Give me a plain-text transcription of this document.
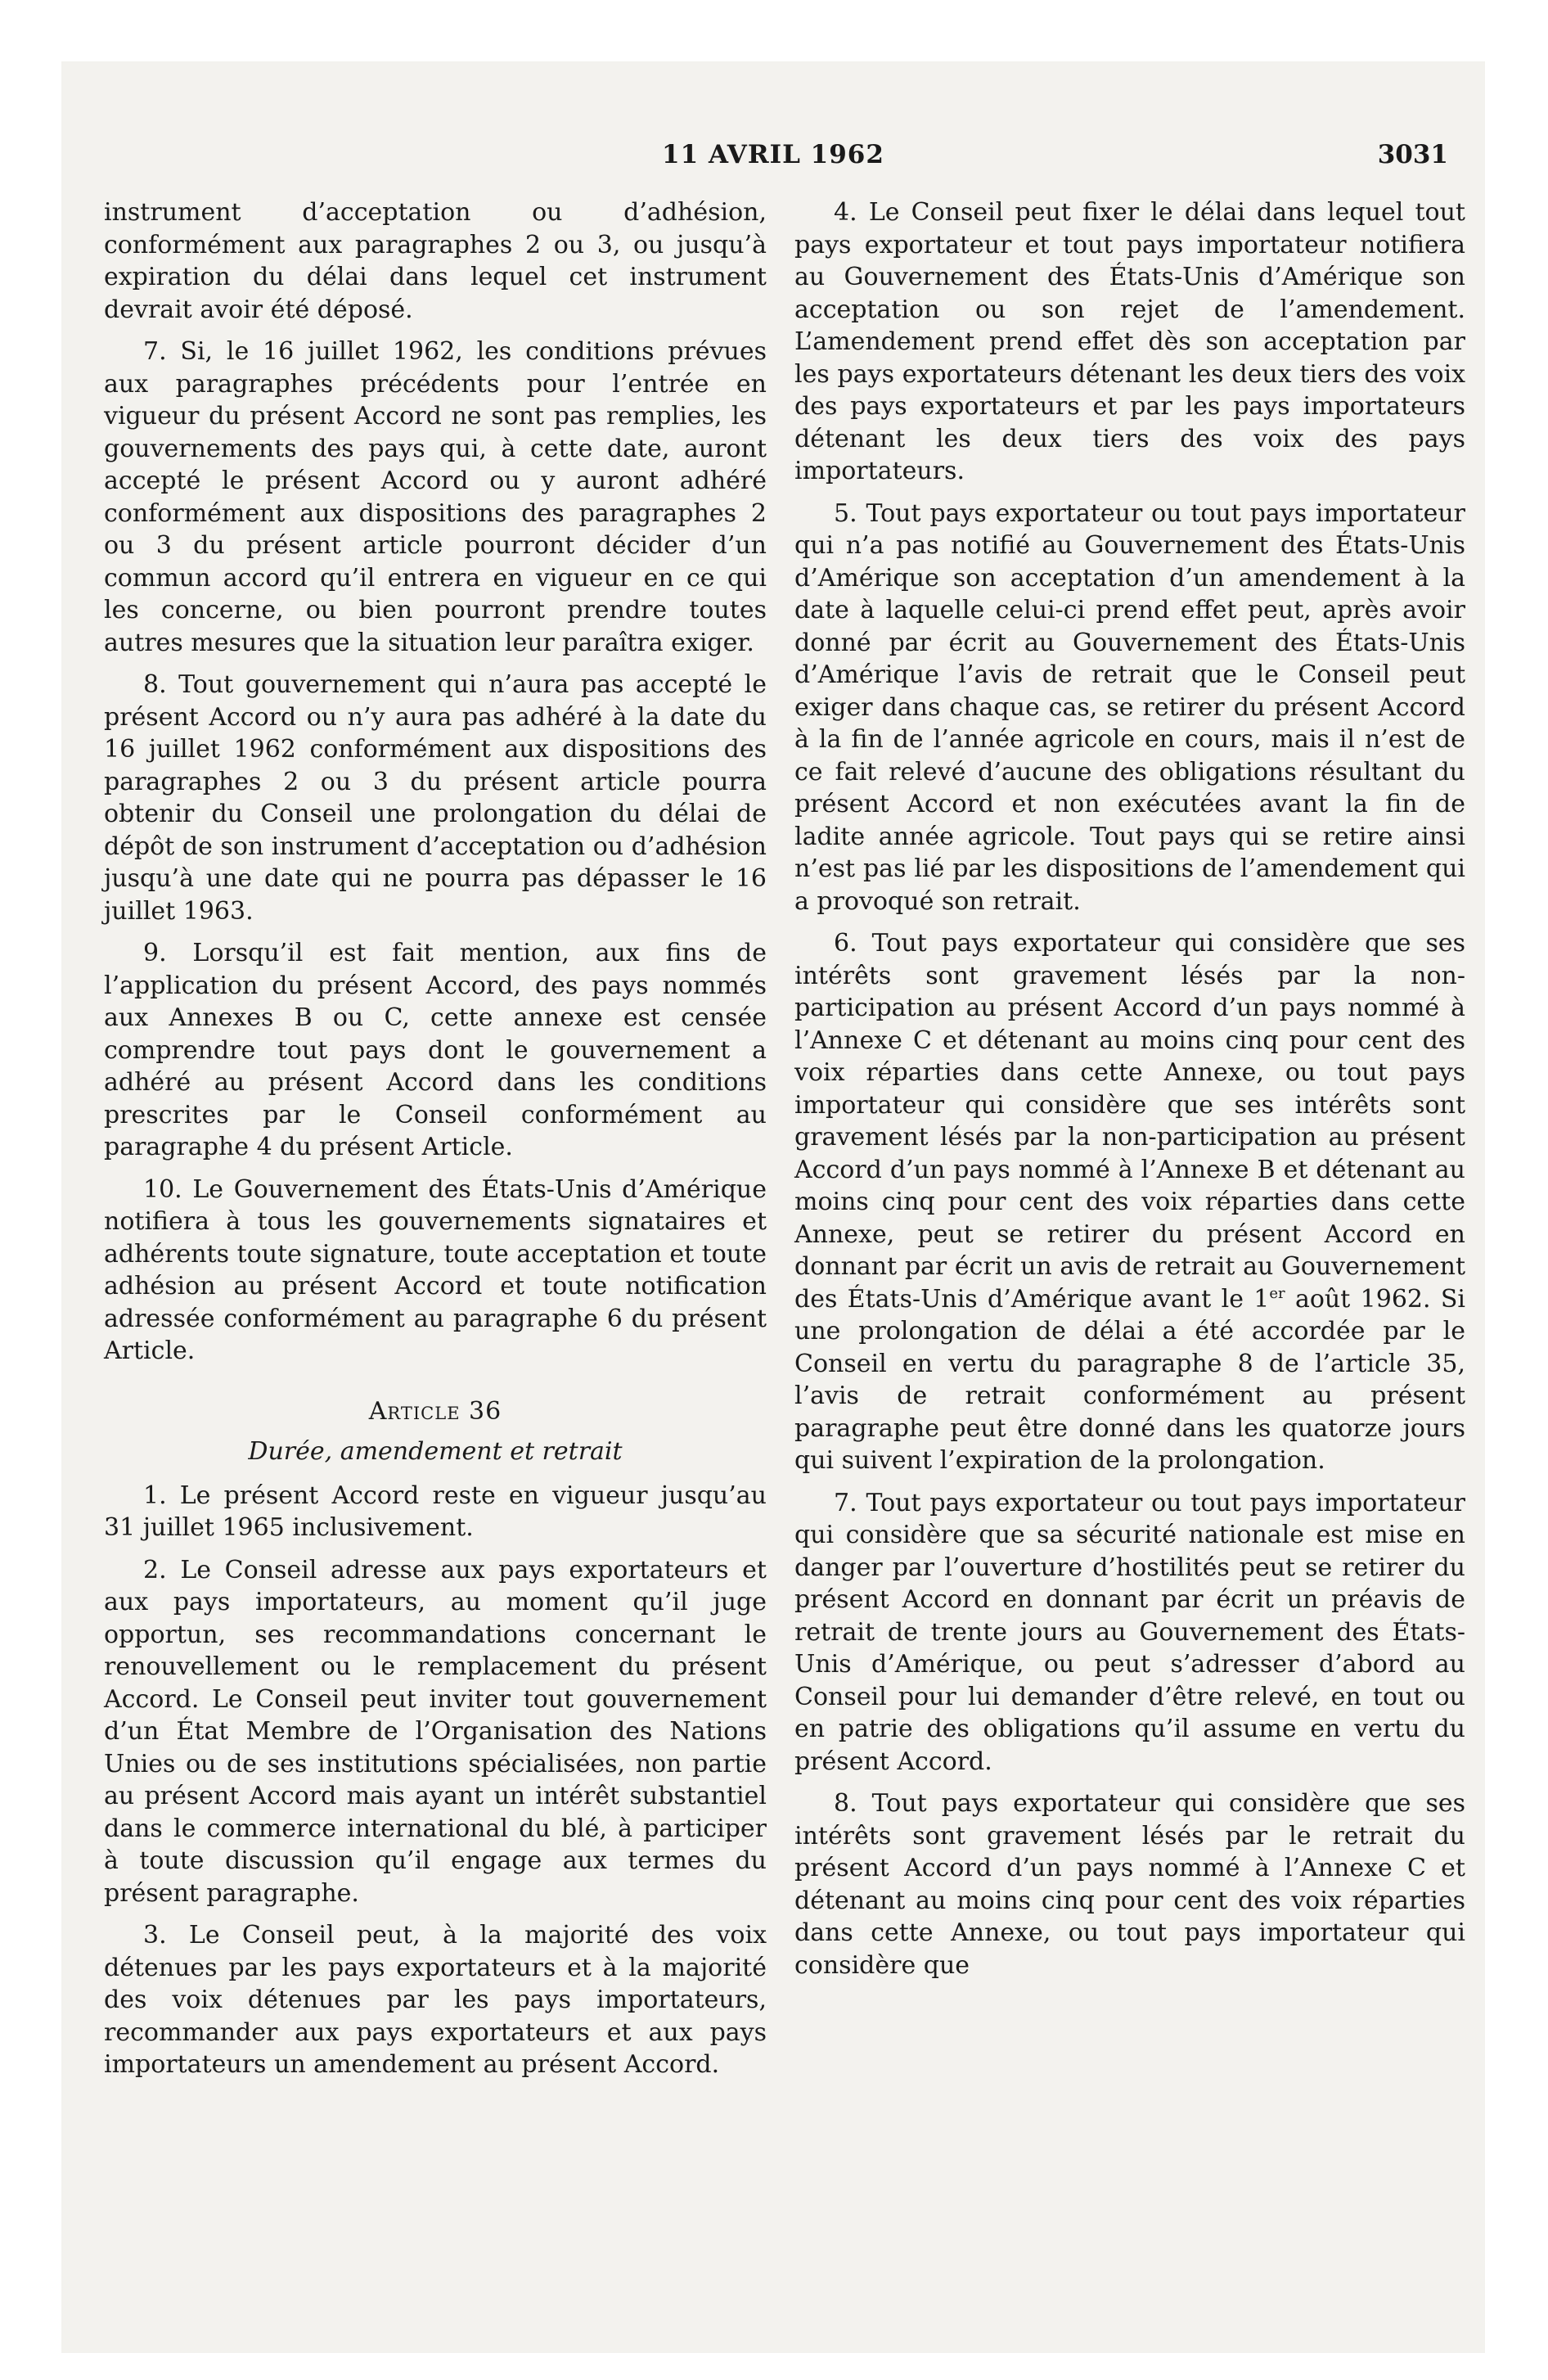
11 AVRIL 1962	3031

instrument d’acceptation ou d’adhésion, conformément aux paragraphes 2 ou 3, ou jusqu’à expiration du délai dans lequel cet instrument devrait avoir été déposé.

7. Si, le 16 juillet 1962, les conditions prévues aux paragraphes précédents pour l’entrée en vigueur du présent Accord ne sont pas remplies, les gouvernements des pays qui, à cette date, auront accepté le présent Accord ou y auront adhéré conformément aux dispositions des paragraphes 2 ou 3 du présent article pourront décider d’un commun accord qu’il entrera en vigueur en ce qui les concerne, ou bien pourront prendre toutes autres mesures que la situation leur paraîtra exiger.

8. Tout gouvernement qui n’aura pas accepté le présent Accord ou n’y aura pas adhéré à la date du 16 juillet 1962 conformément aux dispositions des paragraphes 2 ou 3 du présent article pourra obtenir du Conseil une prolongation du délai de dépôt de son instrument d’acceptation ou d’adhésion jusqu’à une date qui ne pourra pas dépasser le 16 juillet 1963.

9. Lorsqu’il est fait mention, aux fins de l’application du présent Accord, des pays nommés aux Annexes B ou C, cette annexe est censée comprendre tout pays dont le gouvernement a adhéré au présent Accord dans les conditions prescrites par le Conseil conformément au paragraphe 4 du présent Article.

10. Le Gouvernement des États-Unis d’Amérique notifiera à tous les gouvernements signataires et adhérents toute signature, toute acceptation et toute adhésion au présent Accord et toute notification adressée conformément au paragraphe 6 du présent Article.

Article 36
Durée, amendement et retrait

1. Le présent Accord reste en vigueur jusqu’au 31 juillet 1965 inclusivement.

2. Le Conseil adresse aux pays exportateurs et aux pays importateurs, au moment qu’il juge opportun, ses recommandations concernant le renouvellement ou le remplacement du présent Accord. Le Conseil peut inviter tout gouvernement d’un État Membre de l’Organisation des Nations Unies ou de ses institutions spécialisées, non partie au présent Accord mais ayant un intérêt substantiel dans le commerce international du blé, à participer à toute discussion qu’il engage aux termes du présent paragraphe.

3. Le Conseil peut, à la majorité des voix détenues par les pays exportateurs et à la majorité des voix détenues par les pays importateurs, recommander aux pays exportateurs et aux pays importateurs un amendement au présent Accord.

4. Le Conseil peut fixer le délai dans lequel tout pays exportateur et tout pays importateur notifiera au Gouvernement des États-Unis d’Amérique son acceptation ou son rejet de l’amendement. L’amendement prend effet dès son acceptation par les pays exportateurs détenant les deux tiers des voix des pays exportateurs et par les pays importateurs détenant les deux tiers des voix des pays importateurs.

5. Tout pays exportateur ou tout pays importateur qui n’a pas notifié au Gouvernement des États-Unis d’Amérique son acceptation d’un amendement à la date à laquelle celui-ci prend effet peut, après avoir donné par écrit au Gouvernement des États-Unis d’Amérique l’avis de retrait que le Conseil peut exiger dans chaque cas, se retirer du présent Accord à la fin de l’année agricole en cours, mais il n’est de ce fait relevé d’aucune des obligations résultant du présent Accord et non exécutées avant la fin de ladite année agricole. Tout pays qui se retire ainsi n’est pas lié par les dispositions de l’amendement qui a provoqué son retrait.

6. Tout pays exportateur qui considère que ses intérêts sont gravement lésés par la non-participation au présent Accord d’un pays nommé à l’Annexe C et détenant au moins cinq pour cent des voix réparties dans cette Annexe, ou tout pays importateur qui considère que ses intérêts sont gravement lésés par la non-participation au présent Accord d’un pays nommé à l’Annexe B et détenant au moins cinq pour cent des voix réparties dans cette Annexe, peut se retirer du présent Accord en donnant par écrit un avis de retrait au Gouvernement des États-Unis d’Amérique avant le 1er août 1962. Si une prolongation de délai a été accordée par le Conseil en vertu du paragraphe 8 de l’article 35, l’avis de retrait conformément au présent paragraphe peut être donné dans les quatorze jours qui suivent l’expiration de la prolongation.

7. Tout pays exportateur ou tout pays importateur qui considère que sa sécurité nationale est mise en danger par l’ouverture d’hostilités peut se retirer du présent Accord en donnant par écrit un préavis de retrait de trente jours au Gouvernement des États-Unis d’Amérique, ou peut s’adresser d’abord au Conseil pour lui demander d’être relevé, en tout ou en patrie des obligations qu’il assume en vertu du présent Accord.

8. Tout pays exportateur qui considère que ses intérêts sont gravement lésés par le retrait du présent Accord d’un pays nommé à l’Annexe C et détenant au moins cinq pour cent des voix réparties dans cette Annexe, ou tout pays importateur qui considère que
